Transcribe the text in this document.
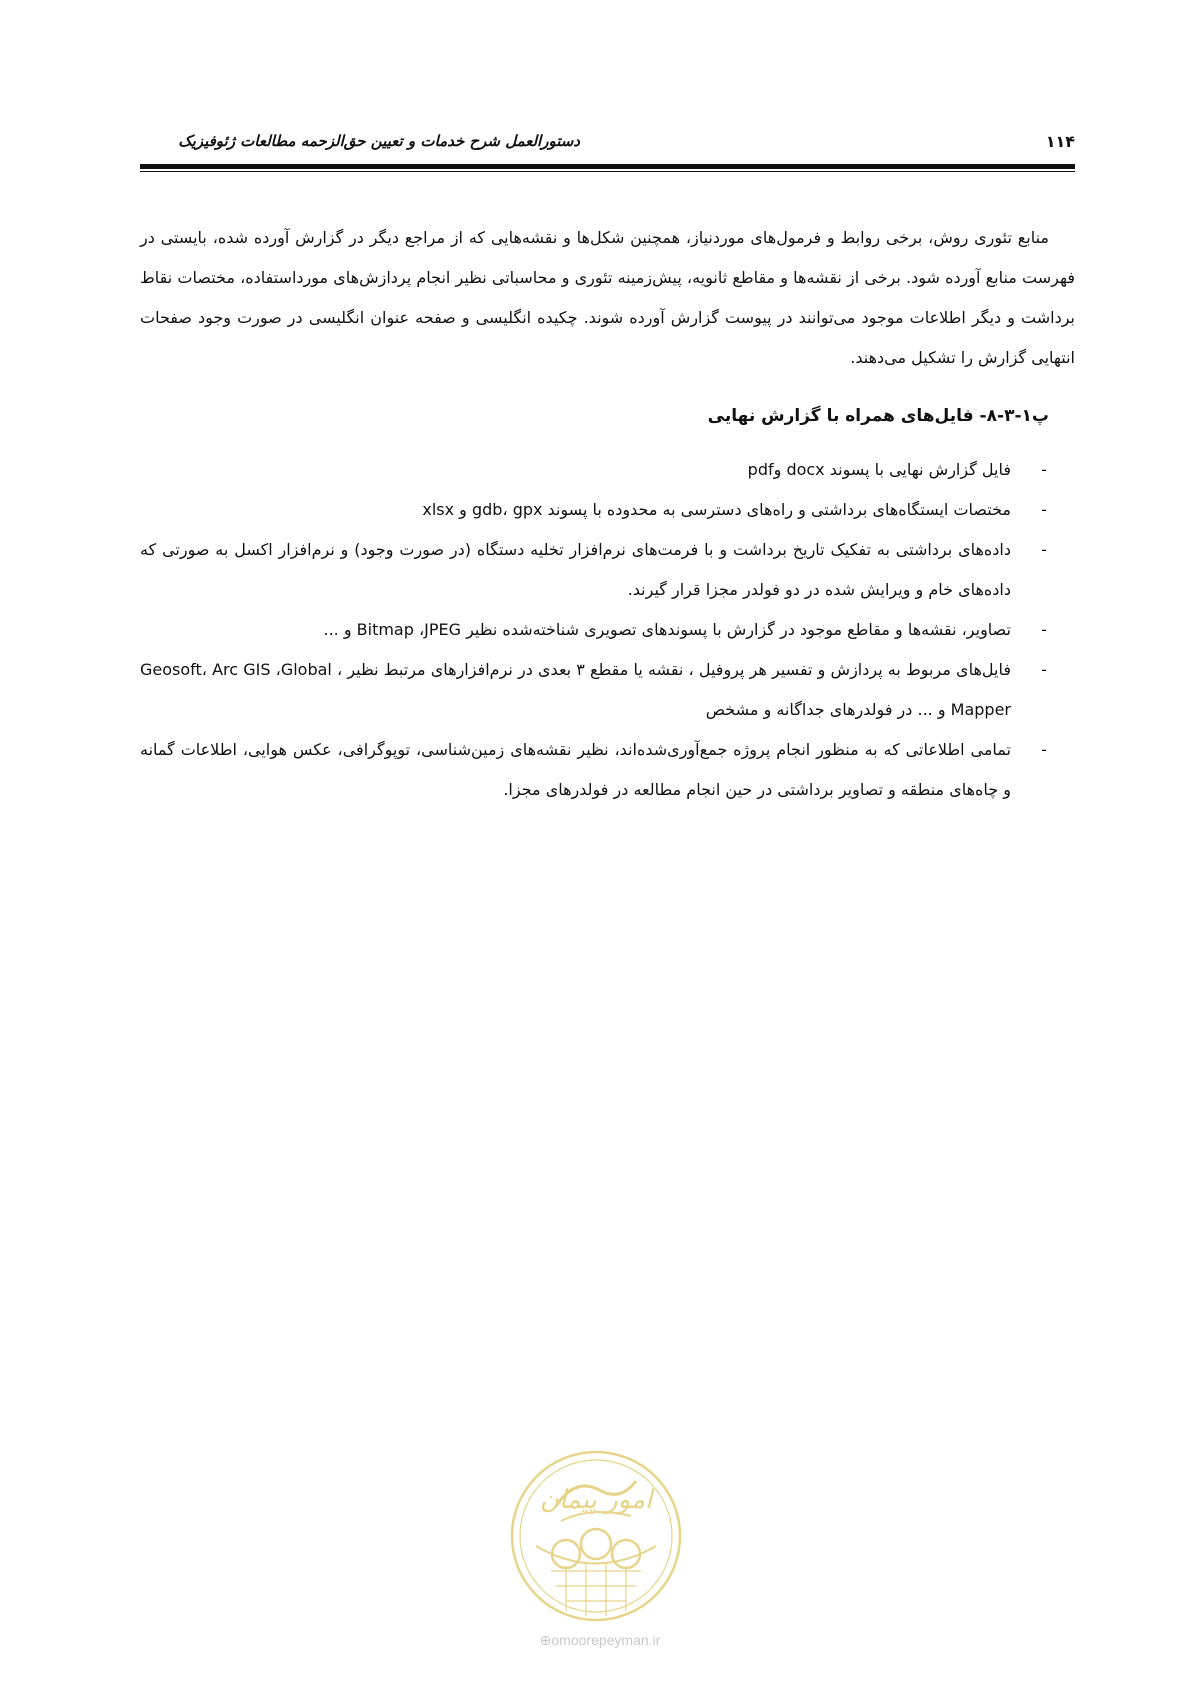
دستورالعمل شرح خدمات و تعیین حق‌الزحمه مطالعات ژئوفیزیک	۱۱۴

منابع تئوری روش، برخی روابط و فرمول‌های موردنیاز، همچنین شکل‌ها و نقشه‌هایی که از مراجع دیگر در گزارش آورده شده، بایستی در فهرست منابع آورده شود. برخی از نقشه‌ها و مقاطع ثانویه، پیش‌زمینه تئوری و محاسباتی نظیر انجام پردازش‌های مورداستفاده، مختصات نقاط برداشت و دیگر اطلاعات موجود می‌توانند در پیوست گزارش آورده شوند. چکیده انگلیسی و صفحه عنوان انگلیسی در صورت وجود صفحات انتهایی گزارش را تشکیل می‌دهند.

پ۱-۳-۸- فایل‌های همراه با گزارش نهایی
-
فایل گزارش نهایی با پسوند docx وpdf
-
مختصات ایستگاه‌های برداشتی و راه‌های دسترسی به محدوده با پسوند gdb، gpx و xlsx
-
داده‌های برداشتی به تفکیک تاریخ برداشت و با فرمت‌های نرم‌افزار تخلیه دستگاه (در صورت وجود) و نرم‌افزار اکسل به صورتی که داده‌های خام و ویرایش شده در دو فولدر مجزا قرار گیرند.
-
تصاویر، نقشه‌ها و مقاطع موجود در گزارش با پسوندهای تصویری شناخته‌شده نظیر Bitmap ،JPEG و ...
-
فایل‌های مربوط به پردازش و تفسیر هر پروفیل ، نقشه یا مقطع ۳ بعدی در نرم‌افزارهای مرتبط نظیر ، Geosoft، Arc GIS ،Global Mapper و ... در فولدرهای جداگانه و مشخص
-
تمامی اطلاعاتی که به منظور انجام پروژه جمع‌آوری‌شده‌اند، نظیر نقشه‌های زمین‌شناسی، توپوگرافی، عکس هوایی، اطلاعات گمانه و چاه‌های منطقه و تصاویر برداشتی در حین انجام مطالعه در فولدرهای مجزا.
امور پیمان
⊕omoorepeyman.ir
